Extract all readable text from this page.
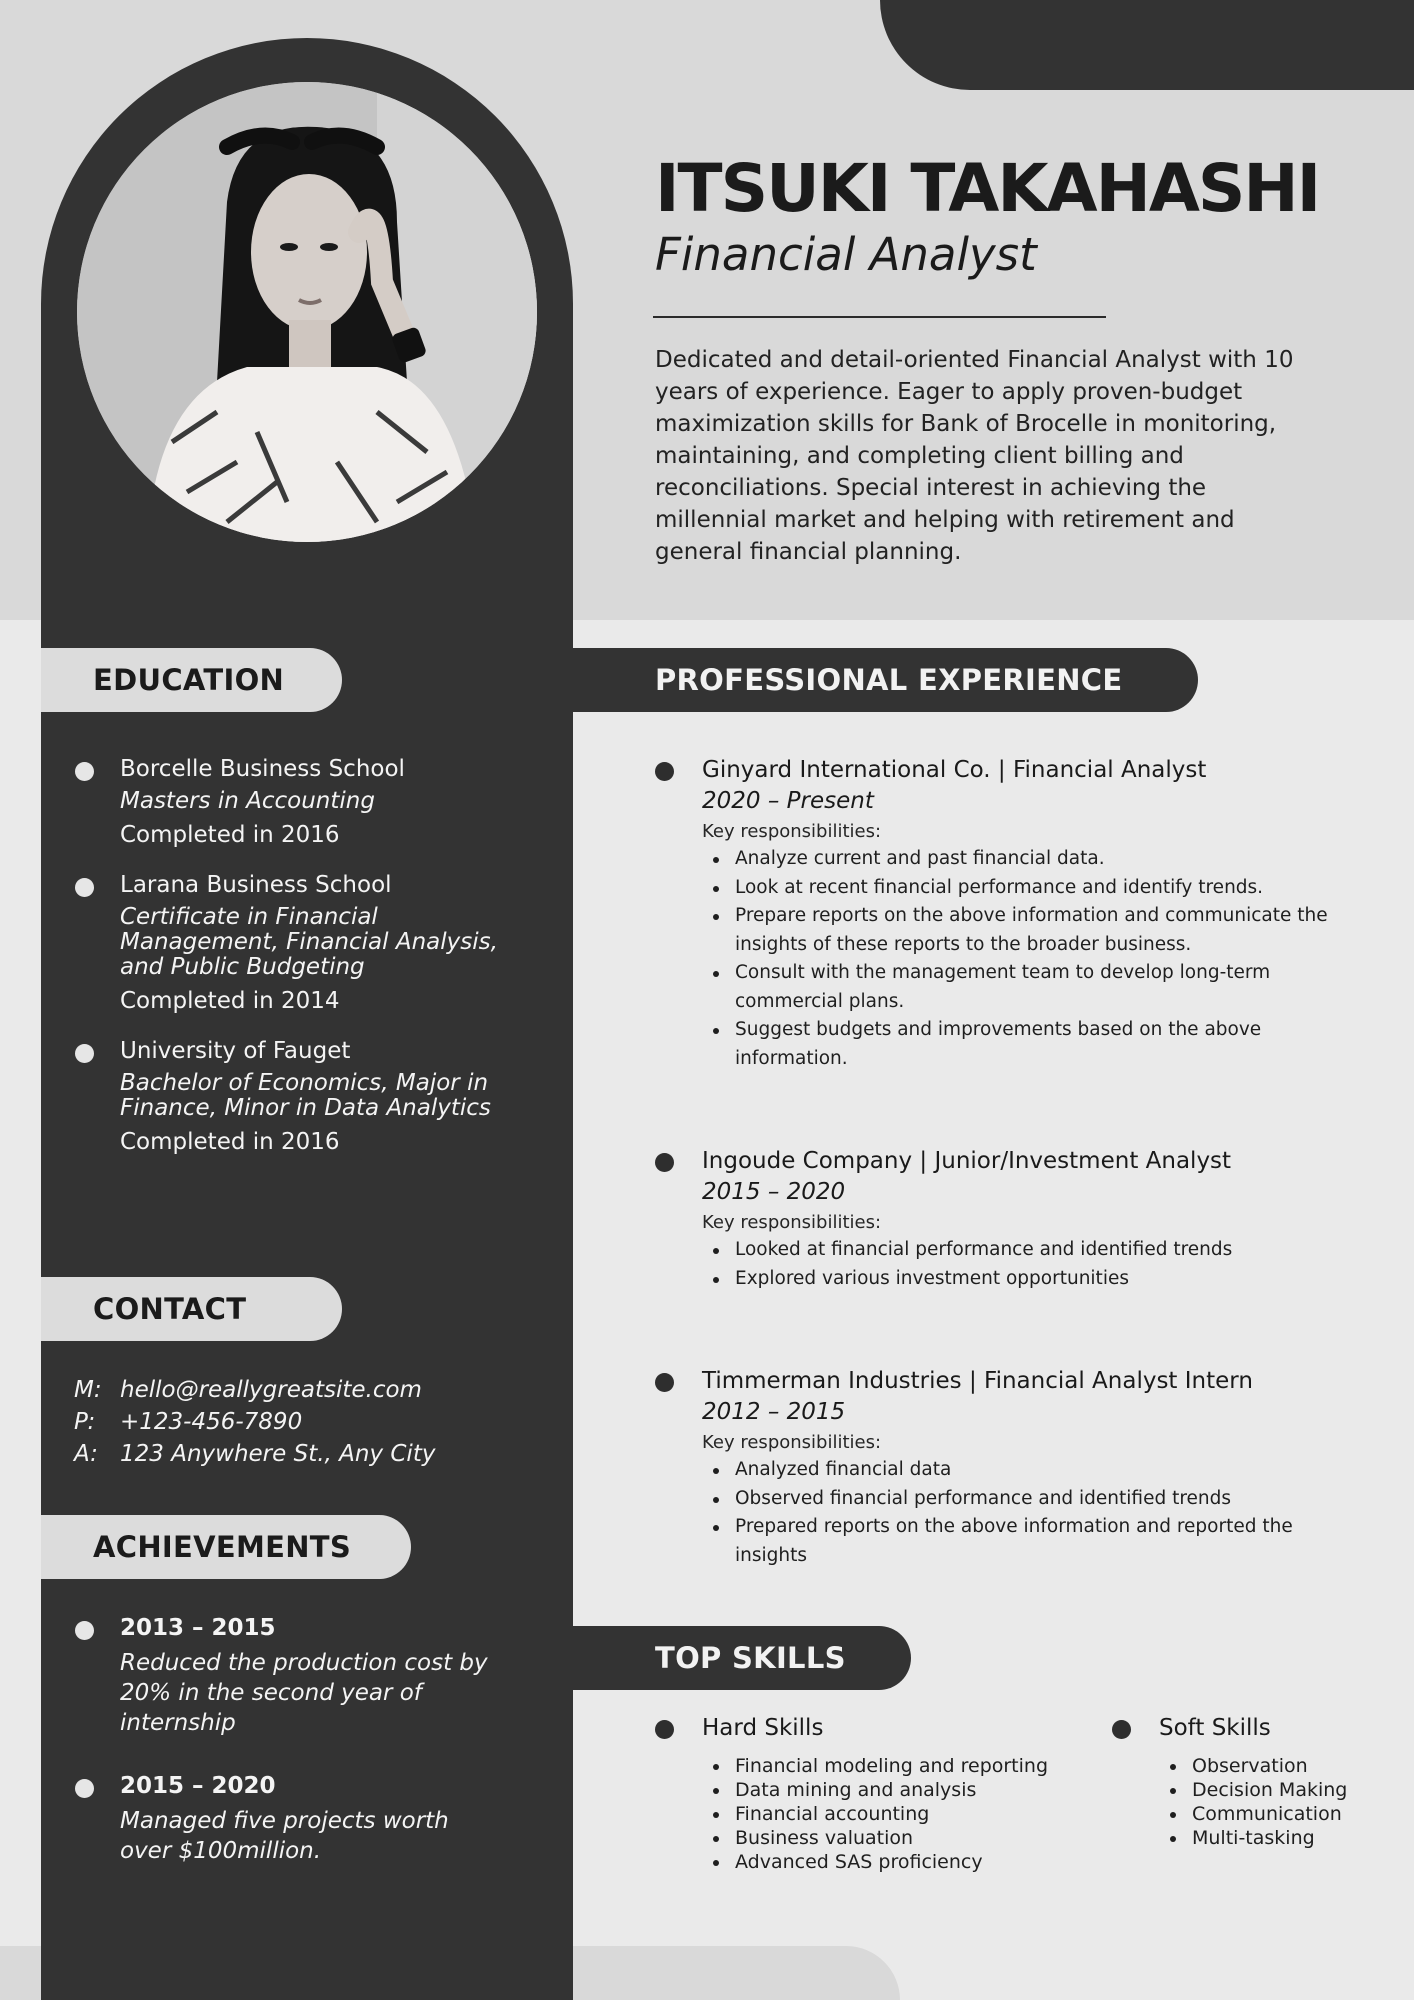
ITSUKI TAKAHASHI
Financial Analyst
Dedicated and detail-oriented Financial Analyst with 10 years of experience. Eager to apply proven-budget maximization skills for Bank of Brocelle in monitoring, maintaining, and completing client billing and reconciliations. Special interest in achieving the millennial market and helping with retirement and general financial planning.
EDUCATION
Borcelle Business School
Masters in Accounting
Completed in 2016
Larana Business School
Certificate in Financial Management, Financial Analysis, and Public Budgeting
Completed in 2014
University of Fauget
Bachelor of Economics, Major in Finance, Minor in Data Analytics
Completed in 2016
CONTACT
M: hello@reallygreatsite.com
P:	+123-456-7890
A: 123 Anywhere St., Any City
ACHIEVEMENTS
2013 – 2015
Reduced the production cost by 20% in the second year of internship
2015 – 2020
Managed five projects worth over $100million.
PROFESSIONAL EXPERIENCE
Ginyard International Co. | Financial Analyst
2020 – Present
Key responsibilities:
Analyze current and past financial data.
Look at recent financial performance and identify trends.
Prepare reports on the above information and communicate the insights of these reports to the broader business.
Consult with the management team to develop long-term commercial plans.
Suggest budgets and improvements based on the above information.
Ingoude Company | Junior/Investment Analyst
2015 – 2020
Key responsibilities:
Looked at financial performance and identified trends
Explored various investment opportunities
Timmerman Industries | Financial Analyst Intern
2012 – 2015
Key responsibilities:
Analyzed financial data
Observed financial performance and identified trends
Prepared reports on the above information and reported the insights
TOP SKILLS
Hard Skills
Financial modeling and reporting
Data mining and analysis
Financial accounting
Business valuation
Advanced SAS proficiency
Soft Skills
Observation
Decision Making
Communication
Multi-tasking
